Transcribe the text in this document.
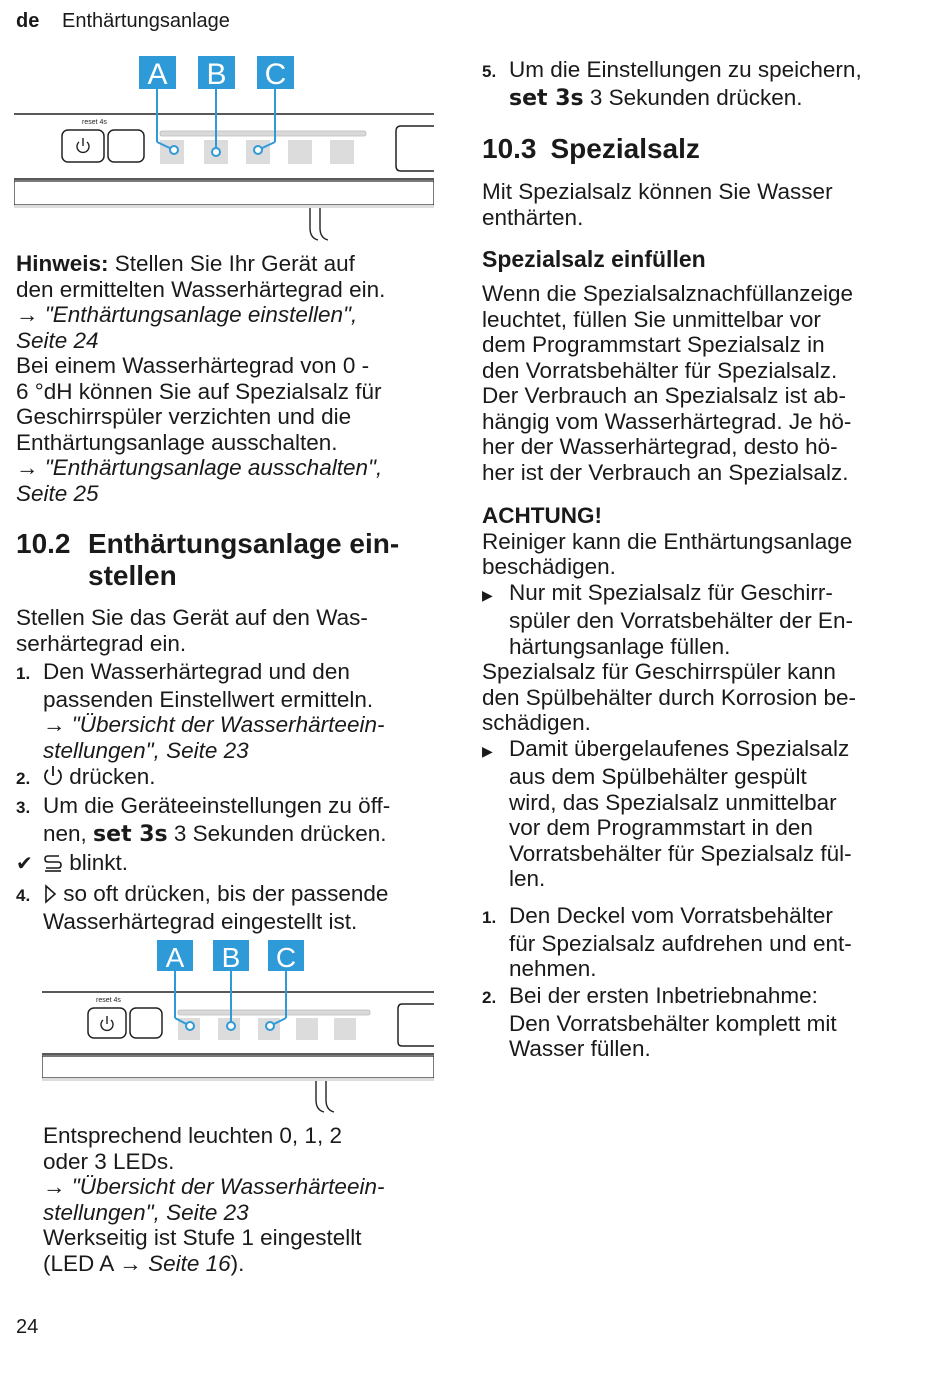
de Enthärtungsanlage
reset 4s
A B C
Hinweis: Stellen Sie Ihr Gerät auf
den ermittelten Wasserhärtegrad ein.
→ "Enthärtungsanlage einstellen",
Seite 24
Bei einem Wasserhärtegrad von 0 -
6 °dH können Sie auf Spezialsalz für
Geschirrspüler verzichten und die
Enthärtungsanlage ausschalten.
→ "Enthärtungsanlage ausschalten",
Seite 25
10.2 Enthärtungsanlage ein-
stellen
Stellen Sie das Gerät auf den Was-
serhärtegrad ein.
1. Den Wasserhärtegrad und den
passenden Einstellwert ermitteln.
→ "Übersicht der Wasserhärteein-
stellungen", Seite 23
2. drücken.
3. Um die Geräteeinstellungen zu öff-
nen, set 3s 3 Sekunden drücken.
✔ blinkt.
4. so oft drücken, bis der passende
Wasserhärtegrad eingestellt ist.
reset 4s
A B C
Entsprechend leuchten 0, 1, 2
oder 3 LEDs.
→ "Übersicht der Wasserhärteein-
stellungen", Seite 23
Werkseitig ist Stufe 1 eingestellt
(LED A → Seite 16).
24
5. Um die Einstellungen zu speichern,
set 3s 3 Sekunden drücken.
10.3 Spezialsalz
Mit Spezialsalz können Sie Wasser
enthärten.
Spezialsalz einfüllen
Wenn die Spezialsalznachfüllanzeige
leuchtet, füllen Sie unmittelbar vor
dem Programmstart Spezialsalz in
den Vorratsbehälter für Spezialsalz.
Der Verbrauch an Spezialsalz ist ab-
hängig vom Wasserhärtegrad. Je hö-
her der Wasserhärtegrad, desto hö-
her ist der Verbrauch an Spezialsalz.
ACHTUNG!
Reiniger kann die Enthärtungsanlage
beschädigen.
▶ Nur mit Spezialsalz für Geschirr-
spüler den Vorratsbehälter der En-
härtungsanlage füllen.
Spezialsalz für Geschirrspüler kann
den Spülbehälter durch Korrosion be-
schädigen.
▶ Damit übergelaufenes Spezialsalz
aus dem Spülbehälter gespült
wird, das Spezialsalz unmittelbar
vor dem Programmstart in den
Vorratsbehälter für Spezialsalz fül-
len.
1. Den Deckel vom Vorratsbehälter
für Spezialsalz aufdrehen und ent-
nehmen.
2. Bei der ersten Inbetriebnahme:
Den Vorratsbehälter komplett mit
Wasser füllen.
